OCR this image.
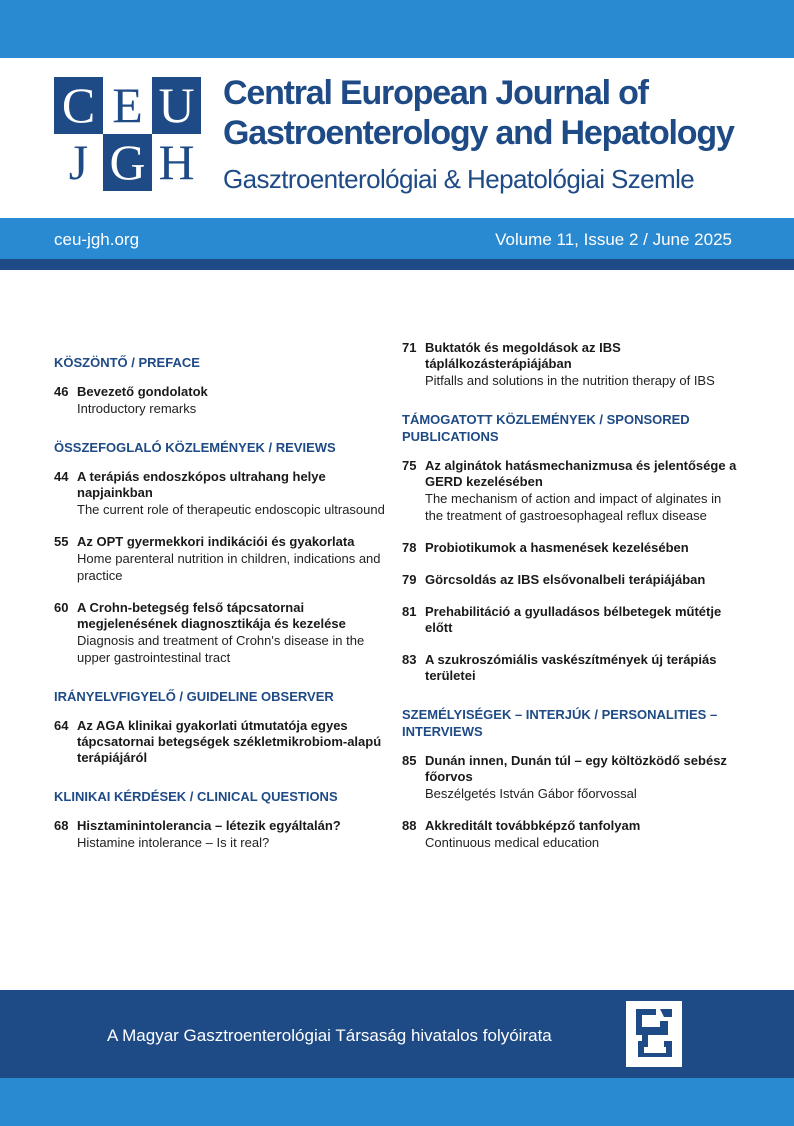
C E U
J G H
Central European Journal of
Gastroenterology and Hepatology
Gasztroenterológiai & Hepatológiai Szemle
ceu-jgh.org	Volume 11, Issue 2 / June 2025
KÖSZÖNTŐ / PREFACE
46 Bevezető gondolatok
Introductory remarks
ÖSSZEFOGLALÓ KÖZLEMÉNYEK / REVIEWS
44 A terápiás endoszkópos ultrahang helye napjainkban
The current role of therapeutic endoscopic ultrasound
55 Az OPT gyermekkori indikációi és gyakorlata
Home parenteral nutrition in children, indications and practice
60 A Crohn-betegség felső tápcsatornai megjelenésének diagnosztikája és kezelése
Diagnosis and treatment of Crohn's disease in the upper gastrointestinal tract
IRÁNYELVFIGYELŐ / GUIDELINE OBSERVER
64 Az AGA klinikai gyakorlati útmutatója egyes tápcsatornai betegségek székletmikrobiom-alapú terápiájáról
KLINIKAI KÉRDÉSEK / CLINICAL QUESTIONS
68 Hisztaminintolerancia – létezik egyáltalán?
Histamine intolerance – Is it real?
71 Buktatók és megoldások az IBS táplálkozásterápiájában
Pitfalls and solutions in the nutrition therapy of IBS
TÁMOGATOTT KÖZLEMÉNYEK / SPONSORED PUBLICATIONS
75 Az alginátok hatásmechanizmusa és jelentősége a GERD kezelésében
The mechanism of action and impact of alginates in the treatment of gastroesophageal reflux disease
78 Probiotikumok a hasmenések kezelésében
79 Görcsoldás az IBS elsővonalbeli terápiájában
81 Prehabilitáció a gyulladásos bélbetegek műtétje előtt
83 A szukroszómiális vaskészítmények új terápiás területei
SZEMÉLYISÉGEK – INTERJÚK / PERSONALITIES – INTERVIEWS
85 Dunán innen, Dunán túl – egy költözködő sebész főorvos
Beszélgetés István Gábor főorvossal
88 Akkreditált továbbképző tanfolyam
Continuous medical education
A Magyar Gasztroenterológiai Társaság hivatalos folyóirata
